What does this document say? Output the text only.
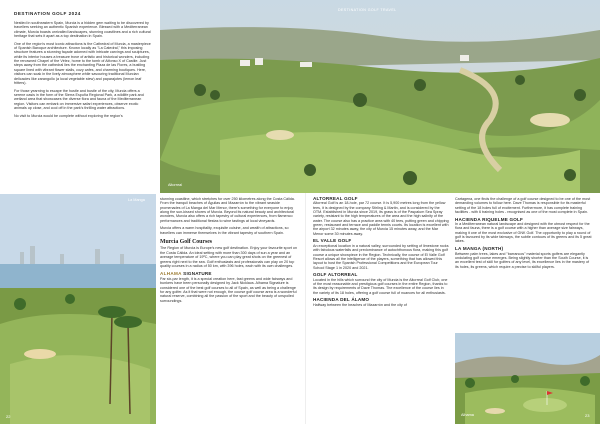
DESTINATION GOLF 2024

Nestled in southeastern Spain, Murcia is a hidden gem waiting to be discovered by travellers seeking an authentic Spanish experience. Blessed with a Mediterranean climate, Murcia boasts unrivalled landscapes, stunning coastlines and a rich cultural heritage that sets it apart as a top destination in Spain.

One of the region's most iconic attractions is the Cathedral of Murcia, a masterpiece of Spanish Baroque architecture. Known locally as "La Catedral," this imposing structure features a stunning façade adorned with intricate carvings and sculptures, while its interior houses a treasure trove of artistic and historical wonders, including the renowned Chapel of the Vélez, home to the tomb of Alfonso X of Castile. Just steps away from the cathedral lies the enchanting Plaza de las Flores, a bustling square lined with vibrant flower stalls, cozy cafes, and charming boutiques. Here, visitors can soak in the lively atmosphere while savouring traditional Murcian delicacies like zarangollo (a local vegetable stew) and paparajotes (lemon leaf fritters).

For those yearning to escape the hustle and bustle of the city, Murcia offers a serene oasis in the form of the Sierra Espuña Regional Park, a wildlife park and wetland area that showcases the diverse flora and fauna of the Mediterranean region. Visitors can embark on immersive safari experiences, observe exotic animals up close, and cool off in the park's thrilling water attractions.

No visit to Murcia would be complete without exploring the region's

DESTINATION GOLF TRAVEL
Altorreal
La Manga
22

stunning coastline, which stretches for over 250 kilometres along the Costa Cálida. From the tranquil beaches of Águilas and Mazarrón to the vibrant seaside promenades of La Manga del Mar Menor, there's something for everyone to enjoy along the sun-kissed shores of Murcia. Beyond its natural beauty and architectural wonders, Murcia also offers a rich tapestry of cultural experiences, from flamenco performances and traditional fiestas to wine tastings at local vineyards.

Murcia offers a warm hospitality, exquisite cuisine, and wealth of attractions, so travellers can immerse themselves in the vibrant tapestry of southern Spain.

Murcia Golf Courses

The Region of Murcia is Europe's new golf destination. Enjoy your favourite sport on the Costa Cálida. An ideal setting with more than 300 days of sun a year and an average temperature of 19ºC, where you can play great shots on the greenest of greens right next to the sea. Golf enthusiasts and professionals can play on 20 top quality courses in a radius of 50 km, with 396 holes, each with its own challenges.

ALHAMA SIGNATURE

Par six-par length, it is a special creation here, fast greens and wide fairways and bunkers have been personally designed by Jack Nicklaus. Alhama Signature is considered one of the best golf courses to all of Spain, as well as being a challenge for any golfer. As it that were not enough, the course golf course area is a wonderful natural reserve, combining all the passion of the sport and the beauty of unspoiled surroundings.

ALTORREAL GOLF

Altorreal Golf is an 18-hole, par 72 course. It is 5,900 metres long from the yellow tees, it is designed by the company Stirling & Martin, and is considered by the OTM. Established in Murcia since 2019, its grass is of the Paspalum Sea Spray variety, resistant to the high temperatures of the area and the high salinity of the water. The course also has a practice area with 40 tees, putting green and chipping green, restaurant and terrace and paddle tennis courts. Its location is excellent with the airport 32 minutes away, the city of Murcia 15 minutes away, and the Mar Menor some 30 minutes away.

EL VALLE GOLF

An exceptional location in a natural valley, surrounded by setting of limestone rocks with fabulous waterfalls and predominance of autochthonous flora, making this golf course a unique showpiece in the Region. Technically, the course of El Valle Golf Resort allows all the intelligence of the players, something that has allowed this layout to host the Spanish Professional Competitions and the European Tour School Stage 1 in 2020 and 2021.

GOLF ALTORREAL

Located in the hills which surround the city of Murcia is the Altorreal Golf Club, one of the most reasonable and prestigious golf courses in the entire Region, thanks to its design by requirements of Dave Thomas. The excellence of the course lies in the variety of its 18 holes, offering a golf course full of nuances for all enthusiasts.

HACIENDA DEL ÁLAMO

Halfway between the beaches of Mazarrón and the city of

Cartagena, one finds the challenge of a golf course designed to be one of the most demanding volumes to follow here. Dave Thomas is responsible for its masterful setting of the 18 holes full of excitement. Furthermore, it has complete training facilities - with 6 training holes - recognised as one of the most complete in Spain.

HACIENDA RIQUELME GOLF

In a Mediterranean natural landscape and designed with the utmost respect for the flora and fauna, there is a golf course with a higher than average size fairways, making it one of the most exclusive of GNK Golf. The opportunity to play a round of golf is favoured by its wide fairways, the subtle contours of its greens and its 5 great lakes.

LA MANGA (NORTH)

Between palm trees, lakes and "barrancos" material sports golfers are elegantly undulating golf course emerges. Being slightly shorter than the South Course, it is an excellent test of skill for golfers of any level, its excellence lies in the mastery of its holes, its greens, which require a precise to skilful players.

Alhama	23
